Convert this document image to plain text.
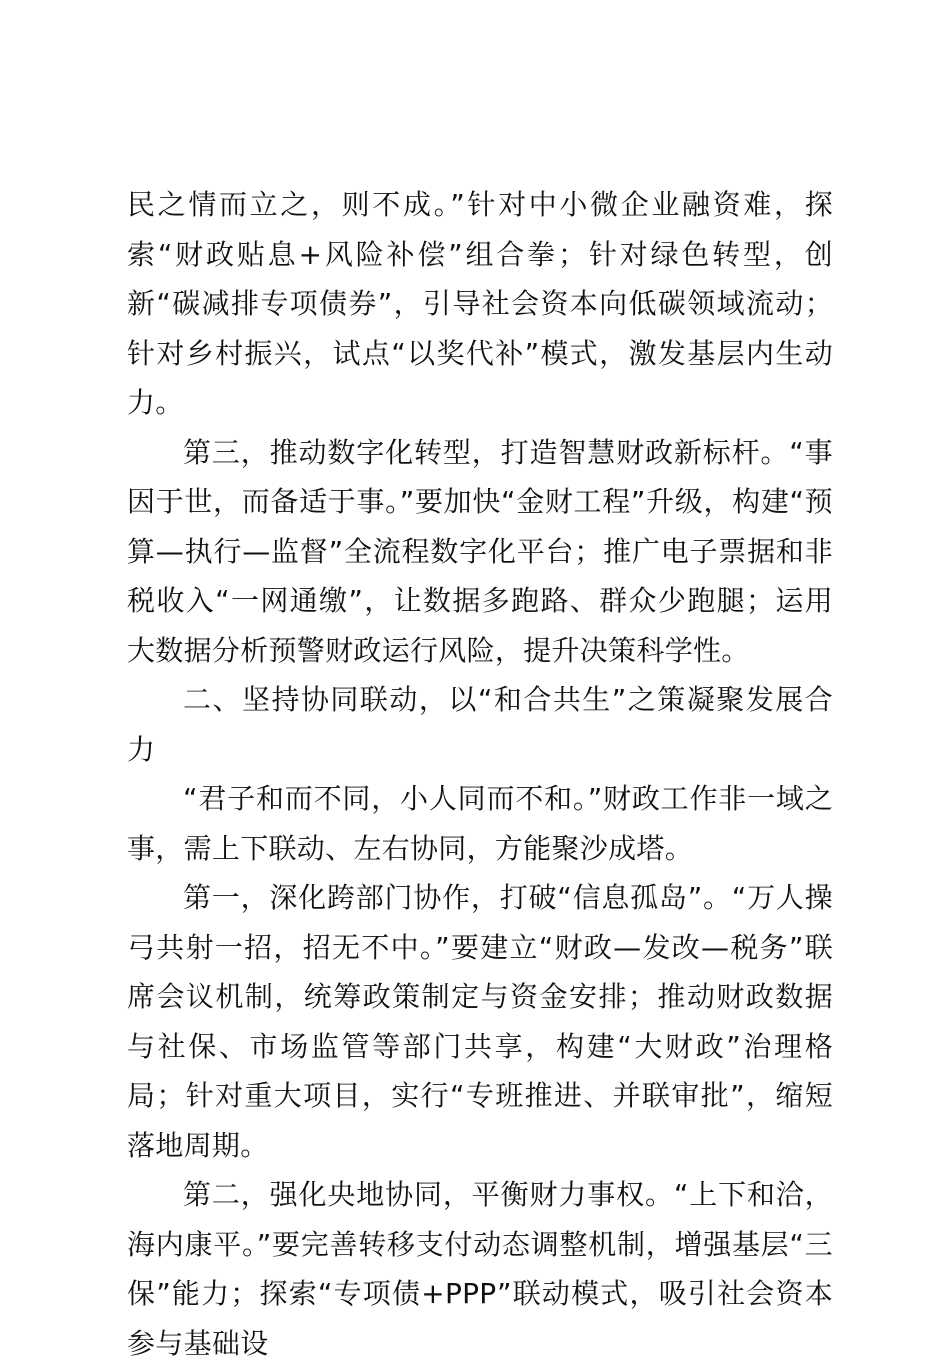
民之情而立之，则不成。”针对中小微企业融资难，探索“财政贴息+风险补偿”组合拳；针对绿色转型，创新“碳减排专项债券”，引导社会资本向低碳领域流动；针对乡村振兴，试点“以奖代补”模式，激发基层内生动力。

第三，推动数字化转型，打造智慧财政新标杆。“事因于世，而备适于事。”要加快“金财工程”升级，构建“预算—执行—监督”全流程数字化平台；推广电子票据和非税收入“一网通缴”，让数据多跑路、群众少跑腿；运用大数据分析预警财政运行风险，提升决策科学性。

二、坚持协同联动，以“和合共生”之策凝聚发展合力

“君子和而不同，小人同而不和。”财政工作非一域之事，需上下联动、左右协同，方能聚沙成塔。

第一，深化跨部门协作，打破“信息孤岛”。“万人操弓共射一招，招无不中。”要建立“财政—发改—税务”联席会议机制，统筹政策制定与资金安排；推动财政数据与社保、市场监管等部门共享，构建“大财政”治理格局；针对重大项目，实行“专班推进、并联审批”，缩短落地周期。

第二，强化央地协同，平衡财力事权。“上下和洽，海内康平。”要完善转移支付动态调整机制，增强基层“三保”能力；探索“专项债+PPP”联动模式，吸引社会资本参与基础设
